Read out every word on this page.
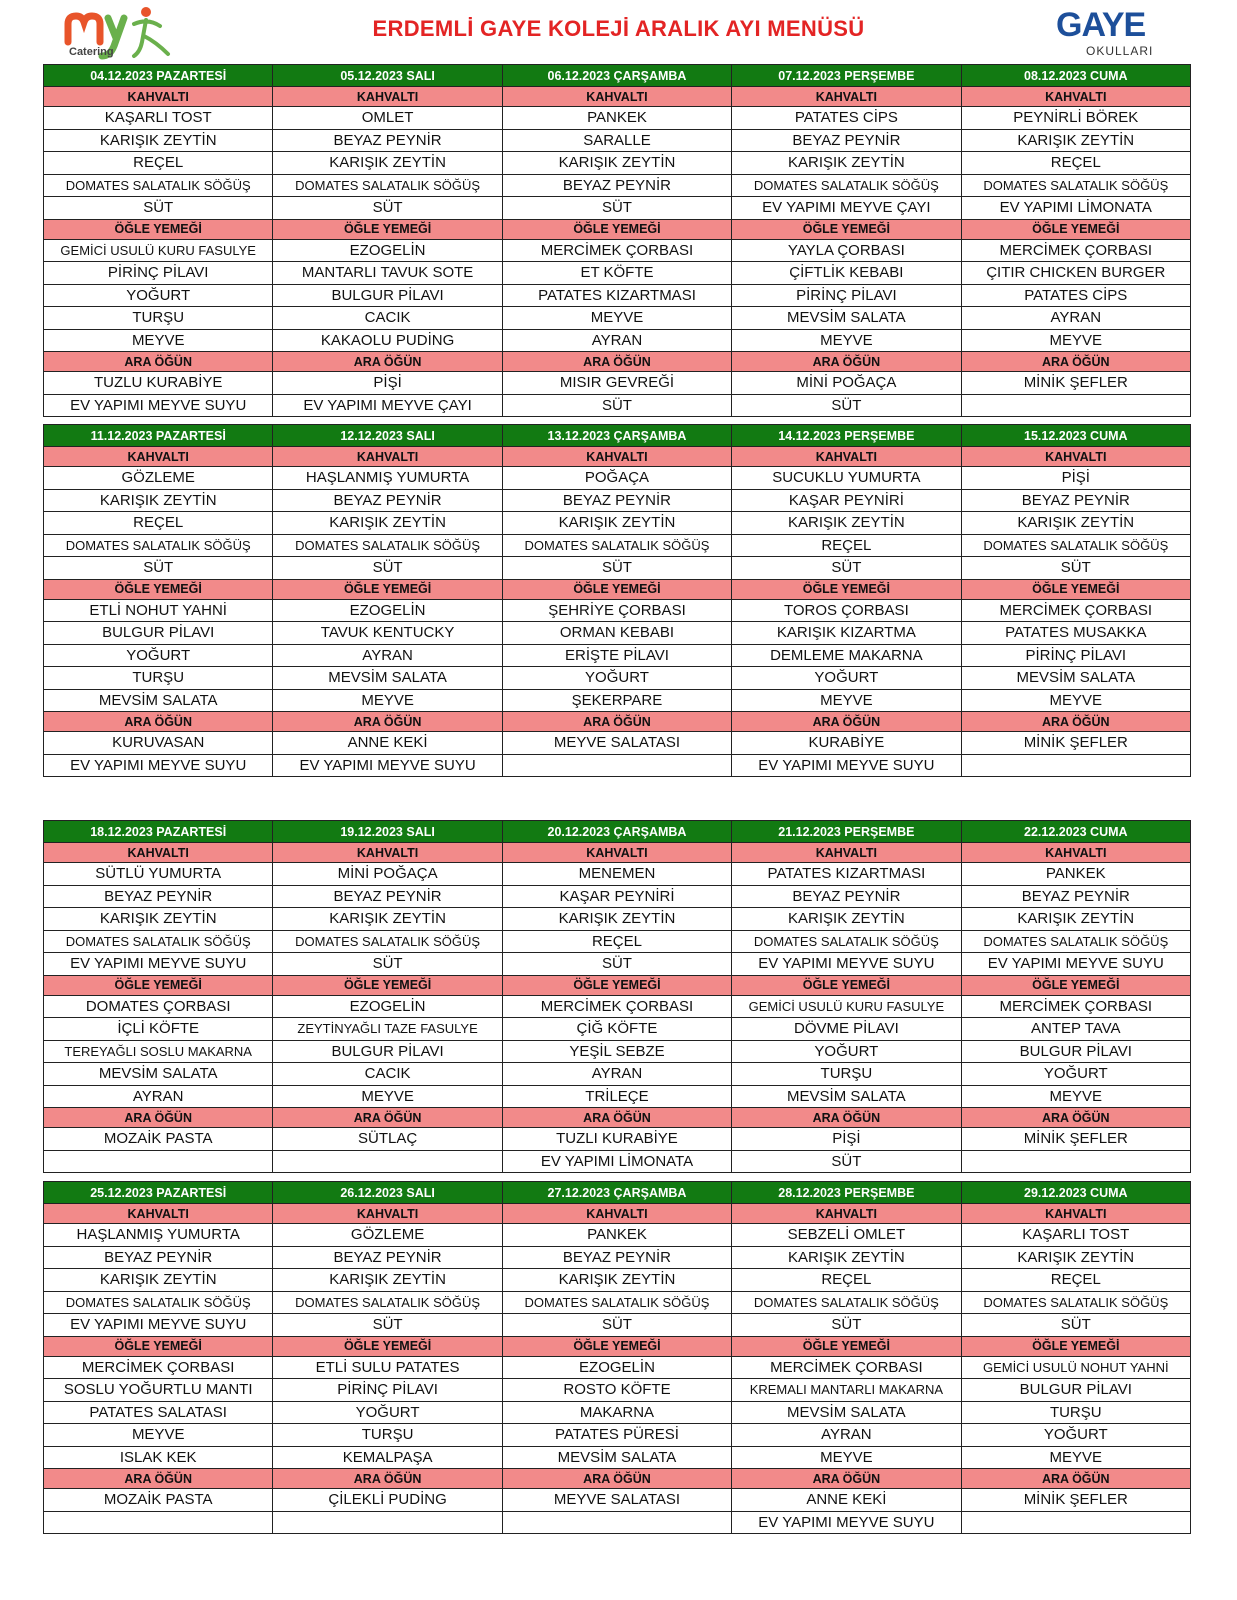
Catering
ERDEMLİ GAYE KOLEJİ ARALIK AYI MENÜSÜ	GAYE
OKULLARI
04.12.2023 PAZARTESİ	05.12.2023 SALI	06.12.2023 ÇARŞAMBA	07.12.2023 PERŞEMBE	08.12.2023 CUMA
KAHVALTI	KAHVALTI	KAHVALTI	KAHVALTI	KAHVALTI
KAŞARLI TOST	OMLET	PANKEK	PATATES CİPS	PEYNİRLİ BÖREK
KARIŞIK ZEYTİN	BEYAZ PEYNİR	SARALLE	BEYAZ PEYNİR	KARIŞIK ZEYTİN
REÇEL	KARIŞIK ZEYTİN	KARIŞIK ZEYTİN	KARIŞIK ZEYTİN	REÇEL
DOMATES SALATALIK SÖĞÜŞ	DOMATES SALATALIK SÖĞÜŞ	BEYAZ PEYNİR	DOMATES SALATALIK SÖĞÜŞ	DOMATES SALATALIK SÖĞÜŞ
SÜT	SÜT	SÜT	EV YAPIMI MEYVE ÇAYI	EV YAPIMI LİMONATA
ÖĞLE YEMEĞİ	ÖĞLE YEMEĞİ	ÖĞLE YEMEĞİ	ÖĞLE YEMEĞİ	ÖĞLE YEMEĞİ
GEMİCİ USULÜ KURU FASULYE	EZOGELİN	MERCİMEK ÇORBASI	YAYLA ÇORBASI	MERCİMEK ÇORBASI
PİRİNÇ PİLAVI	MANTARLI TAVUK SOTE	ET KÖFTE	ÇİFTLİK KEBABI	ÇITIR CHICKEN BURGER
YOĞURT	BULGUR PİLAVI	PATATES KIZARTMASI	PİRİNÇ PİLAVI	PATATES CİPS
TURŞU	CACIK	MEYVE	MEVSİM SALATA	AYRAN
MEYVE	KAKAOLU PUDİNG	AYRAN	MEYVE	MEYVE
ARA ÖĞÜN	ARA ÖĞÜN	ARA ÖĞÜN	ARA ÖĞÜN	ARA ÖĞÜN
TUZLU KURABİYE	PİŞİ	MISIR GEVREĞİ	MİNİ POĞAÇA	MİNİK ŞEFLER
EV YAPIMI MEYVE SUYU	EV YAPIMI MEYVE ÇAYI	SÜT	SÜT	
11.12.2023 PAZARTESİ	12.12.2023 SALI	13.12.2023 ÇARŞAMBA	14.12.2023 PERŞEMBE	15.12.2023 CUMA
KAHVALTI	KAHVALTI	KAHVALTI	KAHVALTI	KAHVALTI
GÖZLEME	HAŞLANMIŞ YUMURTA	POĞAÇA	SUCUKLU YUMURTA	PİŞİ
KARIŞIK ZEYTİN	BEYAZ PEYNİR	BEYAZ PEYNİR	KAŞAR PEYNİRİ	BEYAZ PEYNİR
REÇEL	KARIŞIK ZEYTİN	KARIŞIK ZEYTİN	KARIŞIK ZEYTİN	KARIŞIK ZEYTİN
DOMATES SALATALIK SÖĞÜŞ	DOMATES SALATALIK SÖĞÜŞ	DOMATES SALATALIK SÖĞÜŞ	REÇEL	DOMATES SALATALIK SÖĞÜŞ
SÜT	SÜT	SÜT	SÜT	SÜT
ÖĞLE YEMEĞİ	ÖĞLE YEMEĞİ	ÖĞLE YEMEĞİ	ÖĞLE YEMEĞİ	ÖĞLE YEMEĞİ
ETLİ NOHUT YAHNİ	EZOGELİN	ŞEHRİYE ÇORBASI	TOROS ÇORBASI	MERCİMEK ÇORBASI
BULGUR PİLAVI	TAVUK KENTUCKY	ORMAN KEBABI	KARIŞIK KIZARTMA	PATATES MUSAKKA
YOĞURT	AYRAN	ERİŞTE PİLAVI	DEMLEME MAKARNA	PİRİNÇ PİLAVI
TURŞU	MEVSİM SALATA	YOĞURT	YOĞURT	MEVSİM SALATA
MEVSİM SALATA	MEYVE	ŞEKERPARE	MEYVE	MEYVE
ARA ÖĞÜN	ARA ÖĞÜN	ARA ÖĞÜN	ARA ÖĞÜN	ARA ÖĞÜN
KURUVASAN	ANNE KEKİ	MEYVE SALATASI	KURABİYE	MİNİK ŞEFLER
EV YAPIMI MEYVE SUYU	EV YAPIMI MEYVE SUYU		EV YAPIMI MEYVE SUYU	
18.12.2023 PAZARTESİ	19.12.2023 SALI	20.12.2023 ÇARŞAMBA	21.12.2023 PERŞEMBE	22.12.2023 CUMA
KAHVALTI	KAHVALTI	KAHVALTI	KAHVALTI	KAHVALTI
SÜTLÜ YUMURTA	MİNİ POĞAÇA	MENEMEN	PATATES KIZARTMASI	PANKEK
BEYAZ PEYNİR	BEYAZ PEYNİR	KAŞAR PEYNİRİ	BEYAZ PEYNİR	BEYAZ PEYNİR
KARIŞIK ZEYTİN	KARIŞIK ZEYTİN	KARIŞIK ZEYTİN	KARIŞIK ZEYTİN	KARIŞIK ZEYTİN
DOMATES SALATALIK SÖĞÜŞ	DOMATES SALATALIK SÖĞÜŞ	REÇEL	DOMATES SALATALIK SÖĞÜŞ	DOMATES SALATALIK SÖĞÜŞ
EV YAPIMI MEYVE SUYU	SÜT	SÜT	EV YAPIMI MEYVE SUYU	EV YAPIMI MEYVE SUYU
ÖĞLE YEMEĞİ	ÖĞLE YEMEĞİ	ÖĞLE YEMEĞİ	ÖĞLE YEMEĞİ	ÖĞLE YEMEĞİ
DOMATES ÇORBASI	EZOGELİN	MERCİMEK ÇORBASI	GEMİCİ USULÜ KURU FASULYE	MERCİMEK ÇORBASI
İÇLİ KÖFTE	ZEYTİNYAĞLI TAZE FASULYE	ÇİĞ KÖFTE	DÖVME PİLAVI	ANTEP TAVA
TEREYAĞLI SOSLU MAKARNA	BULGUR PİLAVI	YEŞİL SEBZE	YOĞURT	BULGUR PİLAVI
MEVSİM SALATA	CACIK	AYRAN	TURŞU	YOĞURT
AYRAN	MEYVE	TRİLEÇE	MEVSİM SALATA	MEYVE
ARA ÖĞÜN	ARA ÖĞÜN	ARA ÖĞÜN	ARA ÖĞÜN	ARA ÖĞÜN
MOZAİK PASTA	SÜTLAÇ	TUZLI KURABİYE	PİŞİ	MİNİK ŞEFLER
		EV YAPIMI LİMONATA	SÜT	
25.12.2023 PAZARTESİ	26.12.2023 SALI	27.12.2023 ÇARŞAMBA	28.12.2023 PERŞEMBE	29.12.2023 CUMA
KAHVALTI	KAHVALTI	KAHVALTI	KAHVALTI	KAHVALTI
HAŞLANMIŞ YUMURTA	GÖZLEME	PANKEK	SEBZELİ OMLET	KAŞARLI TOST
BEYAZ PEYNİR	BEYAZ PEYNİR	BEYAZ PEYNİR	KARIŞIK ZEYTİN	KARIŞIK ZEYTİN
KARIŞIK ZEYTİN	KARIŞIK ZEYTİN	KARIŞIK ZEYTİN	REÇEL	REÇEL
DOMATES SALATALIK SÖĞÜŞ	DOMATES SALATALIK SÖĞÜŞ	DOMATES SALATALIK SÖĞÜŞ	DOMATES SALATALIK SÖĞÜŞ	DOMATES SALATALIK SÖĞÜŞ
EV YAPIMI MEYVE SUYU	SÜT	SÜT	SÜT	SÜT
ÖĞLE YEMEĞİ	ÖĞLE YEMEĞİ	ÖĞLE YEMEĞİ	ÖĞLE YEMEĞİ	ÖĞLE YEMEĞİ
MERCİMEK ÇORBASI	ETLİ SULU PATATES	EZOGELİN	MERCİMEK ÇORBASI	GEMİCİ USULÜ NOHUT YAHNİ
SOSLU YOĞURTLU MANTI	PİRİNÇ PİLAVI	ROSTO KÖFTE	KREMALI MANTARLI MAKARNA	BULGUR PİLAVI
PATATES SALATASI	YOĞURT	MAKARNA	MEVSİM SALATA	TURŞU
MEYVE	TURŞU	PATATES PÜRESİ	AYRAN	YOĞURT
ISLAK KEK	KEMALPAŞA	MEVSİM SALATA	MEYVE	MEYVE
ARA ÖĞÜN	ARA ÖĞÜN	ARA ÖĞÜN	ARA ÖĞÜN	ARA ÖĞÜN
MOZAİK PASTA	ÇİLEKLİ PUDİNG	MEYVE SALATASI	ANNE KEKİ	MİNİK ŞEFLER
			EV YAPIMI MEYVE SUYU	
